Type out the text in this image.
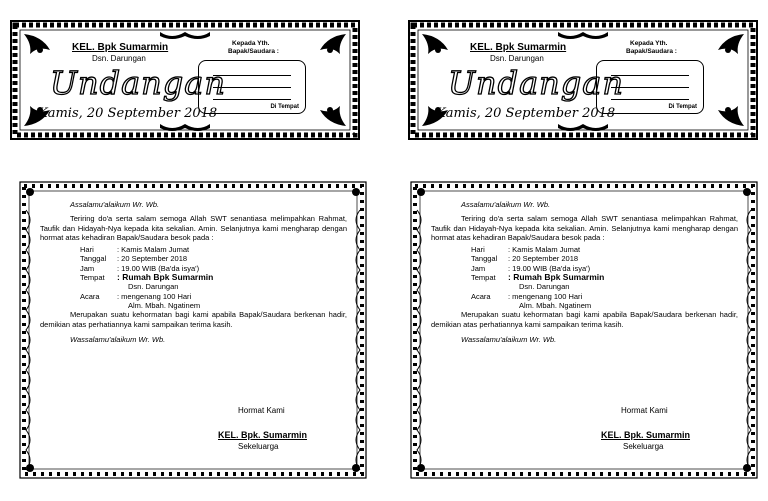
KEL. Bpk Sumarmin
Dsn. Darungan
Undangan
Kamis, 20 September 2018
Kepada Yth.
Bapak/Saudara :
Di Tempat
KEL. Bpk Sumarmin
Dsn. Darungan
Undangan
Kamis, 20 September 2018
Kepada Yth.
Bapak/Saudara :
Di Tempat
Assalamu'alaikum Wr. Wb.

Teriring do'a serta salam semoga Allah SWT senantiasa melimpahkan Rahmat, Taufik dan Hidayah-Nya kepada kita sekalian. Amin. Selanjutnya kami mengharap dengan hormat atas kehadiran Bapak/Saudara besok pada :

Hari	: Kamis Malam Jumat
Tanggal	: 20 September 2018
Jam	: 19.00 WIB (Ba'da isya')
Tempat	: Rumah Bpk Sumarmin
Dsn. Darungan
Acara	: mengenang 100 Hari
Alm. Mbah. Ngatinem

Merupakan suatu kehormatan bagi kami apabila Bapak/Saudara berkenan hadir, demikian atas perhatiannya kami sampaikan terima kasih.

Wassalamu'alaikum Wr. Wb.
Hormat Kami
KEL. Bpk. Sumarmin
Sekeluarga
Assalamu'alaikum Wr. Wb.

Teriring do'a serta salam semoga Allah SWT senantiasa melimpahkan Rahmat, Taufik dan Hidayah-Nya kepada kita sekalian. Amin. Selanjutnya kami mengharap dengan hormat atas kehadiran Bapak/Saudara besok pada :

Hari	: Kamis Malam Jumat
Tanggal	: 20 September 2018
Jam	: 19.00 WIB (Ba'da isya')
Tempat	: Rumah Bpk Sumarmin
Dsn. Darungan
Acara	: mengenang 100 Hari
Alm. Mbah. Ngatinem

Merupakan suatu kehormatan bagi kami apabila Bapak/Saudara berkenan hadir, demikian atas perhatiannya kami sampaikan terima kasih.

Wassalamu'alaikum Wr. Wb.
Hormat Kami
KEL. Bpk. Sumarmin
Sekeluarga
